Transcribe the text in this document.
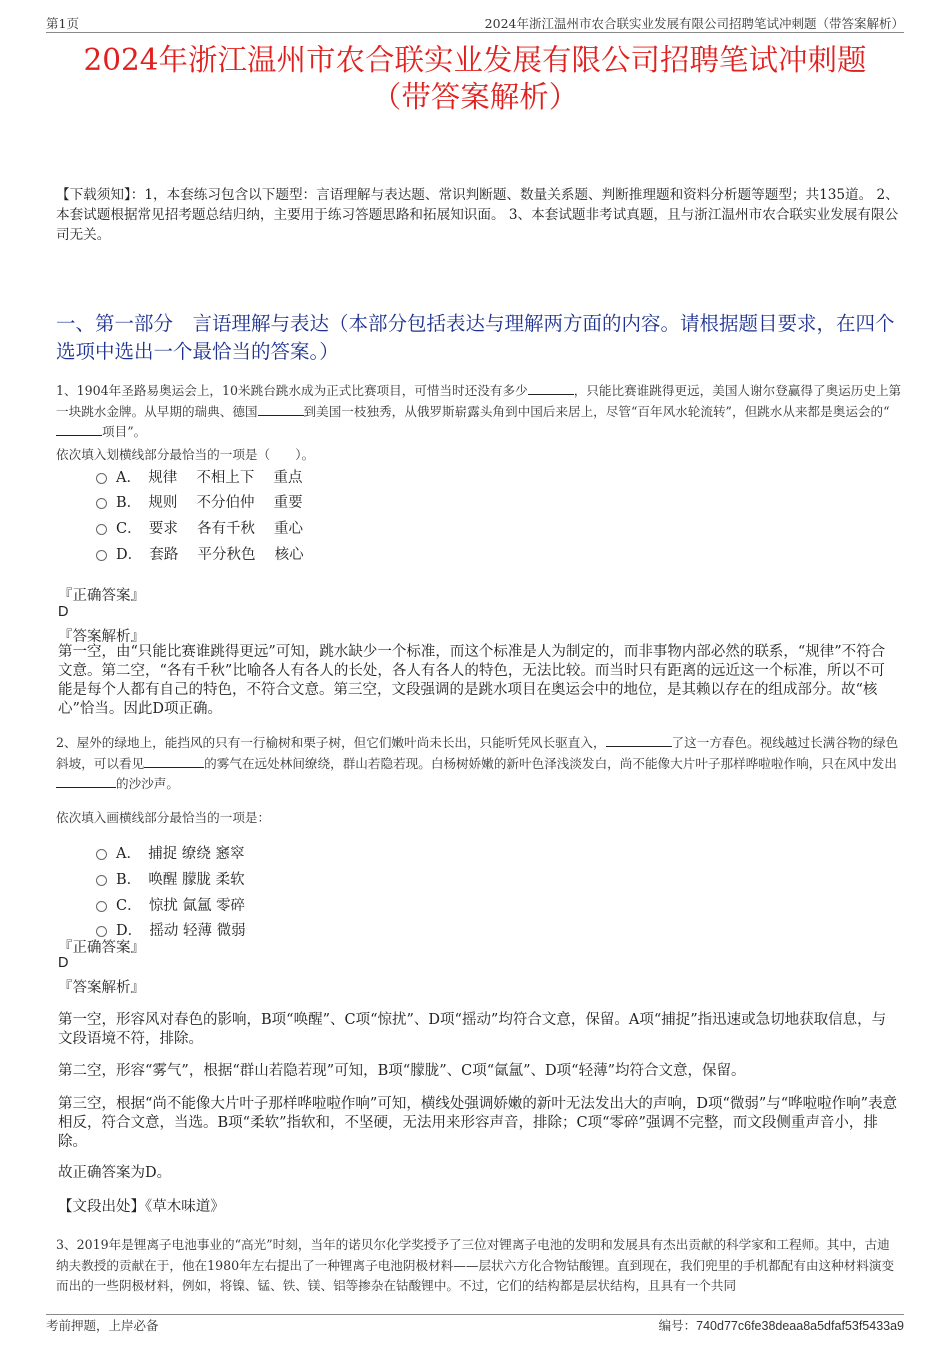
第1页	2024年浙江温州市农合联实业发展有限公司招聘笔试冲刺题（带答案解析）
2024年浙江温州市农合联实业发展有限公司招聘笔试冲刺题
（带答案解析）
【下载须知】：1，本套练习包含以下题型：言语理解与表达题、常识判断题、数量关系题、判断推理题和资料分析题等题型；共135道。 2、本套试题根据常见招考题总结归纳，主要用于练习答题思路和拓展知识面。 3、本套试题非考试真题，且与浙江温州市农合联实业发展有限公司无关。
一、第一部分　言语理解与表达（本部分包括表达与理解两方面的内容。请根据题目要求，在四个选项中选出一个最恰当的答案。）
1、1904年圣路易奥运会上，10米跳台跳水成为正式比赛项目，可惜当时还没有多少	，只能比赛谁跳得更远，美国人谢尔登赢得了奥运历史上第一块跳水金牌。从早期的瑞典、德国	到美国一枝独秀，从俄罗斯崭露头角到中国后来居上，尽管“百年风水轮流转”，但跳水从来都是奥运会的“项目”。
依次填入划横线部分最恰当的一项是（　　）。
A．　规律　 不相上下 　重点
B．　规则　 不分伯仲 　重要
C．　要求　 各有千秋 　重心
D．　套路　 平分秋色 　核心
『正确答案』
D
『答案解析』
第一空，由“只能比赛谁跳得更远”可知，跳水缺少一个标准，而这个标准是人为制定的，而非事物内部必然的联系，“规律”不符合文意。第二空，“各有千秋”比喻各人有各人的长处，各人有各人的特色，无法比较。而当时只有距离的远近这一个标准，所以不可能是每个人都有自己的特色，不符合文意。第三空，文段强调的是跳水项目在奥运会中的地位，是其赖以存在的组成部分。故“核心”恰当。因此D项正确。
2、屋外的绿地上，能挡风的只有一行榆树和栗子树，但它们嫩叶尚未长出，只能听凭风长驱直入，	了这一方春色。视线越过长满谷物的绿色斜坡，可以看见	的雾气在远处林间缭绕，群山若隐若现。白杨树娇嫩的新叶色泽浅淡发白，尚不能像大片叶子那样哗啦啦作响，只在风中发出的沙沙声。
依次填入画横线部分最恰当的一项是：
A．　捕捉 缭绕 窸窣
B．　唤醒 朦胧 柔软
C．　惊扰 氤氲 零碎
D．　摇动 轻薄 微弱
『正确答案』
D
『答案解析』
第一空，形容风对春色的影响，B项“唤醒”、C项“惊扰”、D项“摇动”均符合文意，保留。A项“捕捉”指迅速或急切地获取信息，与文段语境不符，排除。
第二空，形容“雾气”，根据“群山若隐若现”可知，B项“朦胧”、C项“氤氲”、D项“轻薄”均符合文意，保留。
第三空，根据“尚不能像大片叶子那样哗啦啦作响”可知，横线处强调娇嫩的新叶无法发出大的声响，D项“微弱”与“哗啦啦作响”表意相反，符合文意，当选。B项“柔软”指软和，不坚硬，无法用来形容声音，排除；C项“零碎”强调不完整，而文段侧重声音小，排除。
故正确答案为D。
【文段出处】《草木味道》
3、2019年是锂离子电池事业的“高光”时刻，当年的诺贝尔化学奖授予了三位对锂离子电池的发明和发展具有杰出贡献的科学家和工程师。其中，古迪纳夫教授的贡献在于，他在1980年左右提出了一种锂离子电池阴极材料——层状六方化合物钴酸锂。直到现在，我们兜里的手机都配有由这种材料演变而出的一些阴极材料，例如，将镍、锰、铁、镁、铝等掺杂在钴酸锂中。不过，它们的结构都是层状结构，且具有一个共同
考前押题，上岸必备	编号：740d77c6fe38deaa8a5dfaf53f5433a9
